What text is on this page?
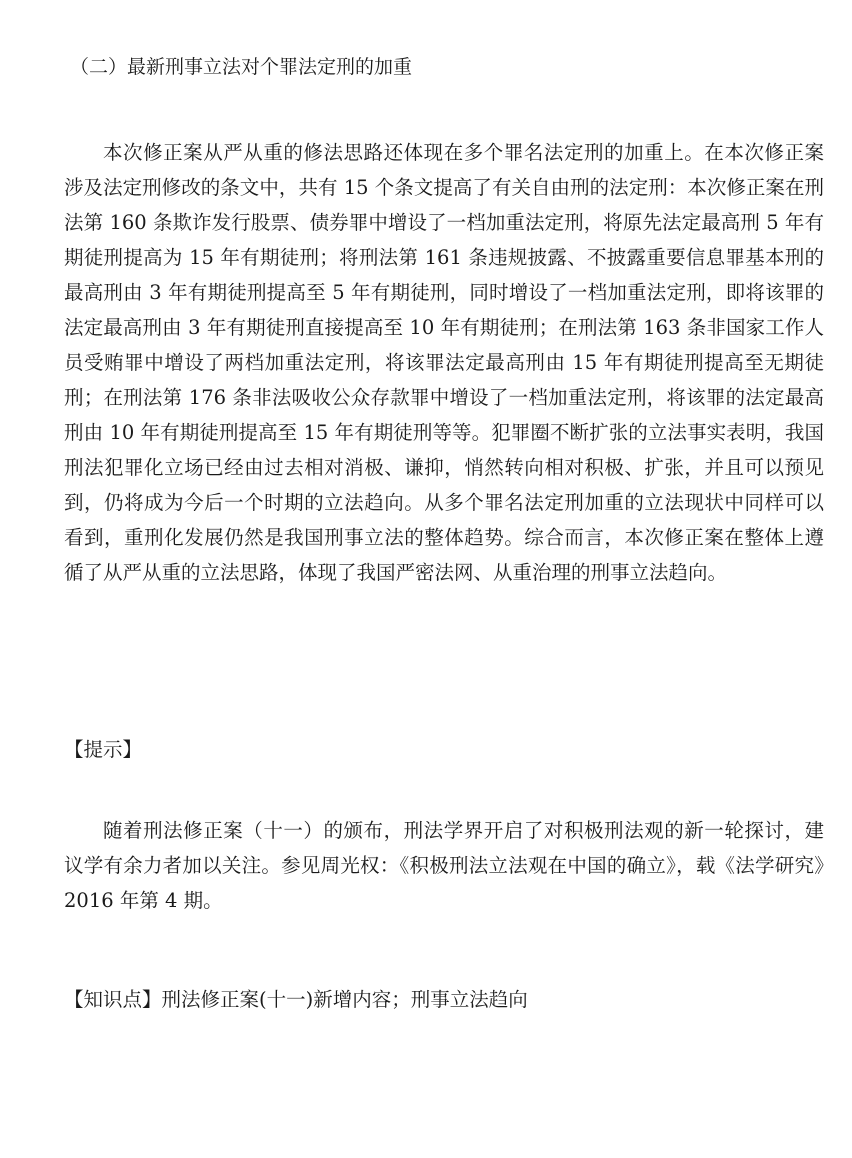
（二）最新刑事立法对个罪法定刑的加重

本次修正案从严从重的修法思路还体现在多个罪名法定刑的加重上。在本次修正案涉及法定刑修改的条文中，共有 15 个条文提高了有关自由刑的法定刑：本次修正案在刑法第 160 条欺诈发行股票、债券罪中增设了一档加重法定刑，将原先法定最高刑 5 年有期徒刑提高为 15 年有期徒刑；将刑法第 161 条违规披露、不披露重要信息罪基本刑的最高刑由 3 年有期徒刑提高至 5 年有期徒刑，同时增设了一档加重法定刑，即将该罪的法定最高刑由 3 年有期徒刑直接提高至 10 年有期徒刑；在刑法第 163 条非国家工作人员受贿罪中增设了两档加重法定刑，将该罪法定最高刑由 15 年有期徒刑提高至无期徒刑；在刑法第 176 条非法吸收公众存款罪中增设了一档加重法定刑，将该罪的法定最高刑由 10 年有期徒刑提高至 15 年有期徒刑等等。犯罪圈不断扩张的立法事实表明，我国刑法犯罪化立场已经由过去相对消极、谦抑，悄然转向相对积极、扩张，并且可以预见到，仍将成为今后一个时期的立法趋向。从多个罪名法定刑加重的立法现状中同样可以看到，重刑化发展仍然是我国刑事立法的整体趋势。综合而言，本次修正案在整体上遵循了从严从重的立法思路，体现了我国严密法网、从重治理的刑事立法趋向。

【提示】

随着刑法修正案（十一）的颁布，刑法学界开启了对积极刑法观的新一轮探讨，建议学有余力者加以关注。参见周光权：《积极刑法立法观在中国的确立》，载《法学研究》2016 年第 4 期。

【知识点】刑法修正案(十一)新增内容；刑事立法趋向
